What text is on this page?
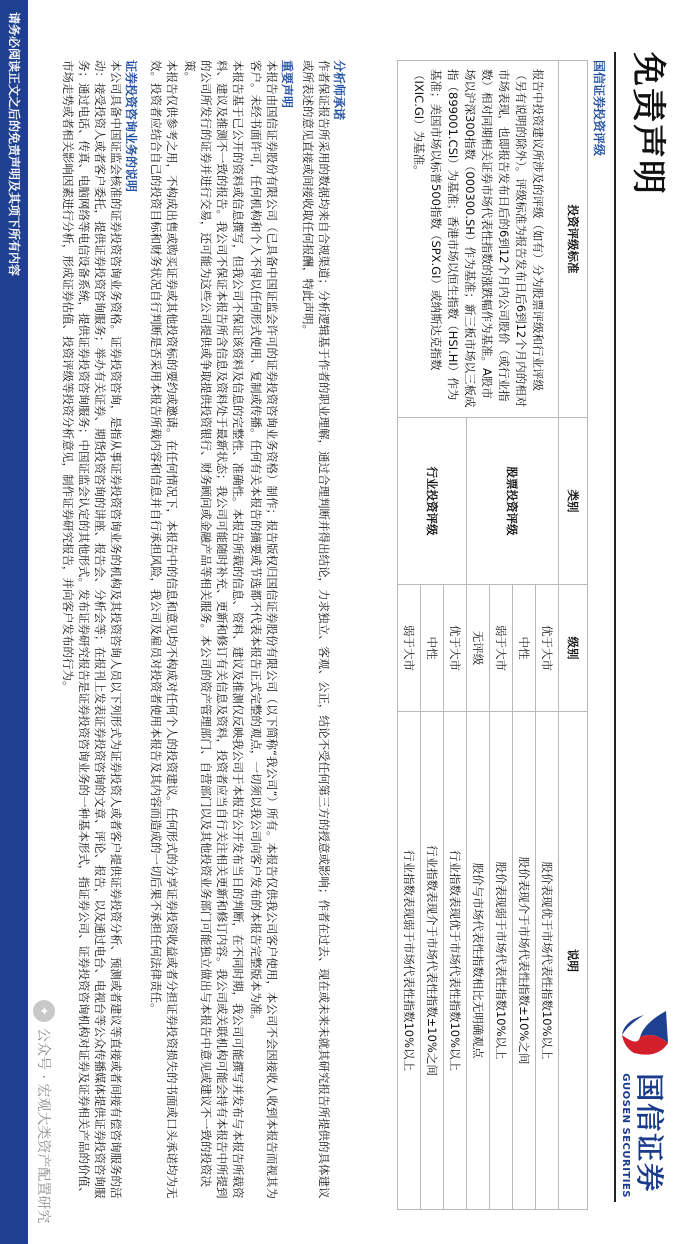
免责声明
国信证券
GUOSEN SECURITIES
国信证券投资评级
投资评级标准	类别	级别	说明
报告中投资建议所涉及的评级（如有）分为股票评级和行业评级（另有说明的除外）。评级标准为报告发布日后6到12个月内的相对市场表现，也即报告发布日后的6到12个月内公司股价（或行业指数）相对同期相关证券市场代表性指数的涨跌幅作为基准。A股市场以沪深300指数（000300.SH）作为基准；新三板市场以三板成指（899001.CSI）为基准；香港市场以恒生指数（HSI.HI）作为基准；美国市场以标普500指数（SPX.GI）或纳斯达克指数（IXIC.GI）为基准。	股票投资评级	优于大市	股价表现优于市场代表性指数10%以上
		中性	股价表现介于市场代表性指数±10%之间
		弱于大市	股价表现弱于市场代表性指数10%以上
		无评级	股价与市场代表性指数相比无明确观点
	行业投资评级	优于大市	行业指数表现优于市场代表性指数10%以上
		中性	行业指数表现介于市场代表性指数±10%之间
		弱于大市	行业指数表现弱于市场代表性指数10%以上
分析师承诺

作者保证报告所采用的数据均来自合规渠道；分析逻辑基于作者的职业理解，通过合理判断并得出结论，力求独立、客观、公正，结论不受任何第三方的授意或影响；作者在过去、现在或未来未就其研究报告所提供的具体建议或所表述的意见直接或间接收取任何报酬，特此声明。

重要声明

本报告由国信证券股份有限公司（已具备中国证监会许可的证券投资咨询业务资格）制作；报告版权归国信证券股份有限公司（以下简称“我公司”）所有。本报告仅供我公司客户使用，本公司不会因接收人收到本报告而视其为客户。未经书面许可，任何机构和个人不得以任何形式使用、复制或传播。任何有关本报告的摘要或节选都不代表本报告正式完整的观点，一切须以我公司向客户发布的本报告完整版本为准。

本报告基于已公开的资料或信息撰写，但我公司不保证该资料及信息的完整性、准确性。本报告所载的信息、资料、建议及推测仅反映我公司于本报告公开发布当日的判断，在不同时期，我公司可能撰写并发布与本报告所载资料、建议及推测不一致的报告。我公司不保证本报告所含信息及资料处于最新状态；我公司可能随时补充、更新和修订有关信息及资料，投资者应当自行关注相关更新和修订内容。我公司或关联机构可能会持有本报告中所提到的公司所发行的证券并进行交易，还可能为这些公司提供或争取提供投资银行、财务顾问或金融产品等相关服务。本公司的资产管理部门、自营部门以及其他投资业务部门可能独立做出与本报告中意见或建议不一致的投资决策。

本报告仅供参考之用，不构成出售或购买证券或其他投资标的要约或邀请。在任何情况下，本报告中的信息和意见均不构成对任何个人的投资建议。任何形式的分享证券投资收益或者分担证券投资损失的书面或口头承诺均为无效。投资者应结合自己的投资目标和财务状况自行判断是否采用本报告所载内容和信息并自行承担风险，我公司及雇员对投资者使用本报告及其内容而造成的一切后果不承担任何法律责任。

证券投资咨询业务的说明

本公司具备中国证监会核准的证券投资咨询业务资格。证券投资咨询，是指从事证券投资咨询业务的机构及其投资咨询人员以下列形式为证券投资人或者客户提供证券投资分析、预测或者建议等直接或者间接有偿咨询服务的活动：接受投资人或者客户委托，提供证券投资咨询服务；举办有关证券、期货投资咨询的讲座、报告会、分析会等；在报刊上发表证券投资咨询的文章、评论、报告，以及通过电台、电视台等公众传播媒体提供证券投资咨询服务；通过电话、传真、电脑网络等电信设备系统，提供证券投资咨询服务；中国证监会认定的其他形式。发布证券研究报告是证券投资咨询业务的一种基本形式，指证券公司、证券投资咨询机构对证券及证券相关产品的价值、市场走势或者相关影响因素进行分析，形成证券估值、投资评级等投资分析意见，制作证券研究报告，并向客户发布的行为。

✦
公众号 · 宏观大类资产配置研究
请务必阅读正文之后的免责声明及其项下所有内容
